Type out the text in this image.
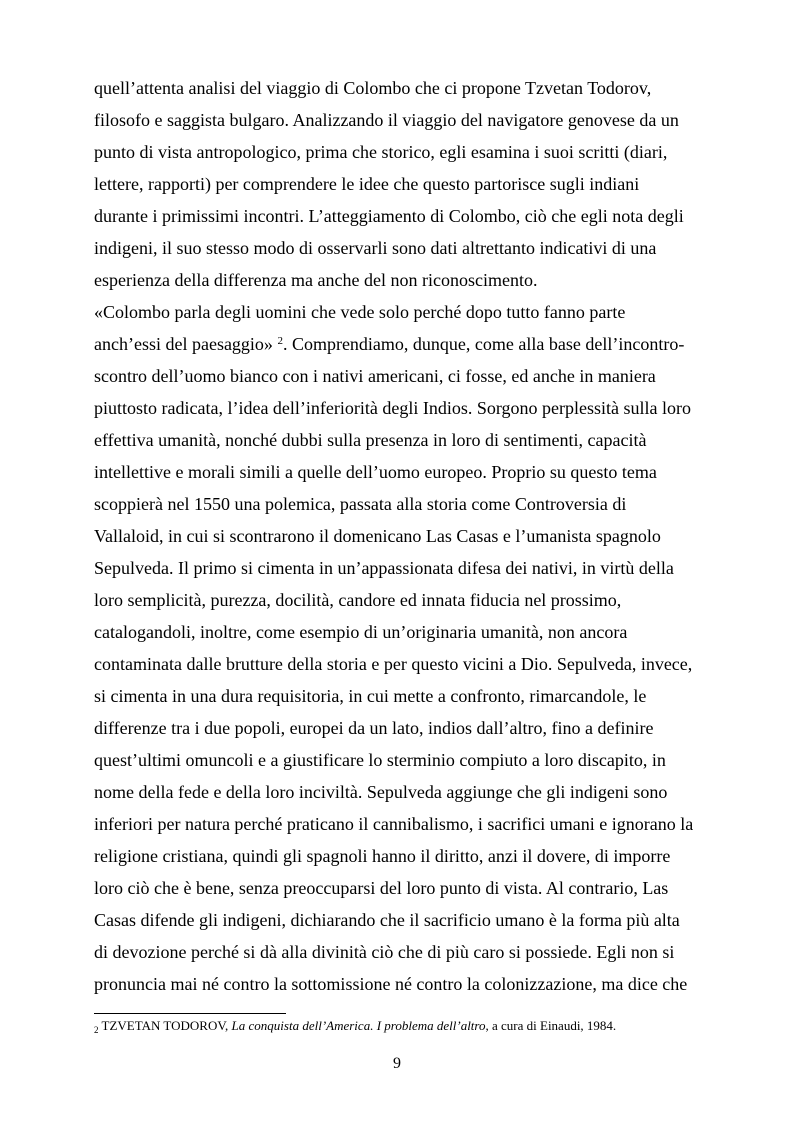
quell’attenta analisi del viaggio di Colombo che ci propone Tzvetan Todorov,
filosofo e saggista bulgaro. Analizzando il viaggio del navigatore genovese da un
punto di vista antropologico, prima che storico, egli esamina i suoi scritti (diari,
lettere, rapporti) per comprendere le idee che questo partorisce sugli indiani
durante i primissimi incontri. L’atteggiamento di Colombo, ciò che egli nota degli
indigeni, il suo stesso modo di osservarli sono dati altrettanto indicativi di una
esperienza della differenza ma anche del non riconoscimento.
«Colombo parla degli uomini che vede solo perché dopo tutto fanno parte
anch’essi del paesaggio» $^2$. Comprendiamo, dunque, come alla base dell’incontro-
scontro dell’uomo bianco con i nativi americani, ci fosse, ed anche in maniera
piuttosto radicata, l’idea dell’inferiorità degli Indios. Sorgono perplessità sulla loro
effettiva umanità, nonché dubbi sulla presenza in loro di sentimenti, capacità
intellettive e morali simili a quelle dell’uomo europeo. Proprio su questo tema
scoppierà nel 1550 una polemica, passata alla storia come Controversia di
Vallaloid, in cui si scontrarono il domenicano Las Casas e l’umanista spagnolo
Sepulveda. Il primo si cimenta in un’appassionata difesa dei nativi, in virtù della
loro semplicità, purezza, docilità, candore ed innata fiducia nel prossimo,
catalogandoli, inoltre, come esempio di un’originaria umanità, non ancora
contaminata dalle brutture della storia e per questo vicini a Dio. Sepulveda, invece,
si cimenta in una dura requisitoria, in cui mette a confronto, rimarcandole, le
differenze tra i due popoli, europei da un lato, indios dall’altro, fino a definire
quest’ultimi omuncoli e a giustificare lo sterminio compiuto a loro discapito, in
nome della fede e della loro inciviltà. Sepulveda aggiunge che gli indigeni sono
inferiori per natura perché praticano il cannibalismo, i sacrifici umani e ignorano la
religione cristiana, quindi gli spagnoli hanno il diritto, anzi il dovere, di imporre
loro ciò che è bene, senza preoccuparsi del loro punto di vista. Al contrario, Las
Casas difende gli indigeni, dichiarando che il sacrificio umano è la forma più alta
di devozione perché si dà alla divinità ciò che di più caro si possiede. Egli non si
pronuncia mai né contro la sottomissione né contro la colonizzazione, ma dice che
$_2$ TZVETAN TODOROV, La conquista dell’America. I problema dell’altro, a cura di Einaudi, 1984.
9
